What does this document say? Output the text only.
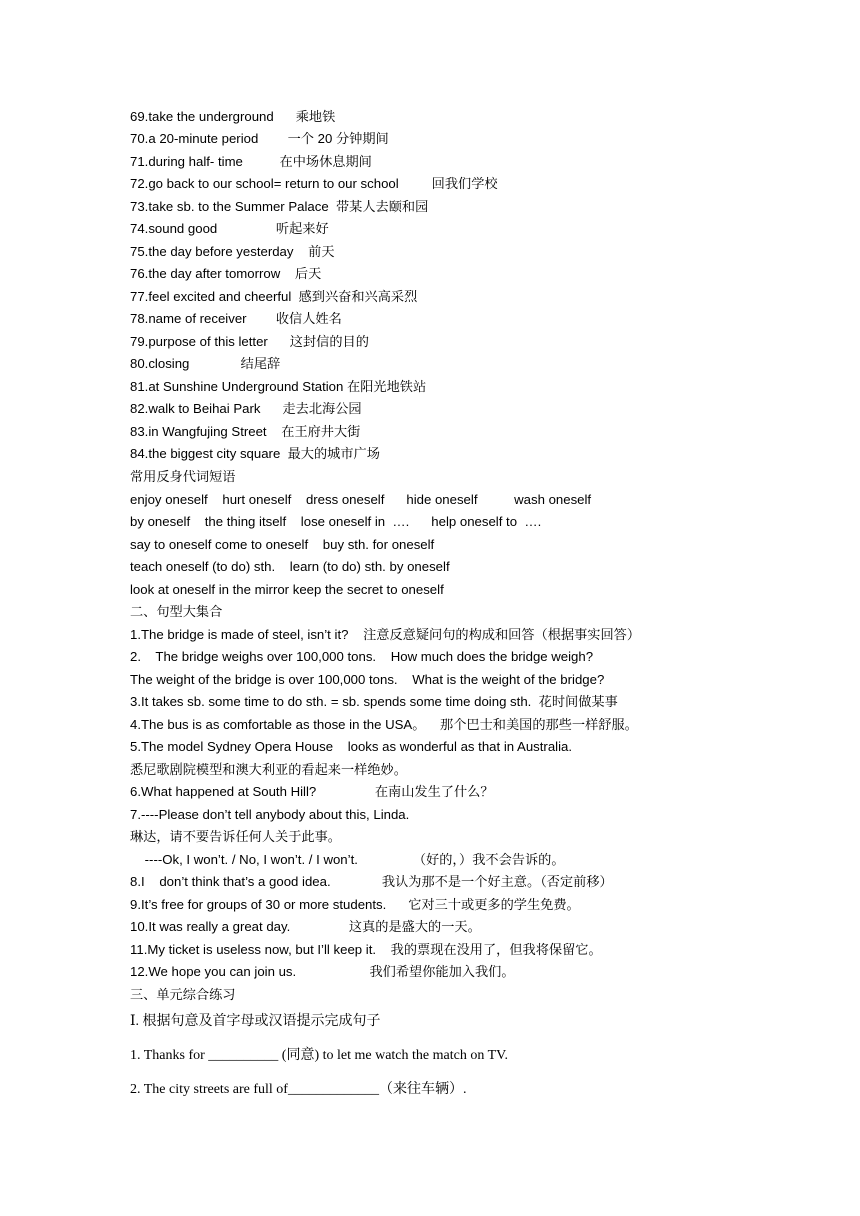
69.take the underground      乘地铁
70.a 20-minute period        一个 20 分钟期间
71.during half- time          在中场休息期间
72.go back to our school= return to our school         回我们学校
73.take sb. to the Summer Palace  带某人去颐和园
74.sound good                听起来好
75.the day before yesterday    前天
76.the day after tomorrow    后天
77.feel excited and cheerful  感到兴奋和兴高采烈
78.name of receiver        收信人姓名
79.purpose of this letter      这封信的目的
80.closing              结尾辞
81.at Sunshine Underground Station 在阳光地铁站
82.walk to Beihai Park      走去北海公园
83.in Wangfujing Street    在王府井大街
84.the biggest city square  最大的城市广场
常用反身代词短语
enjoy oneself    hurt oneself    dress oneself      hide oneself          wash oneself
by oneself    the thing itself    lose oneself in  ….      help oneself to  ….
say to oneself come to oneself    buy sth. for oneself
teach oneself (to do) sth.    learn (to do) sth. by oneself
look at oneself in the mirror keep the secret to oneself
二、句型大集合
1.The bridge is made of steel, isn’t it?    注意反意疑问句的构成和回答（根据事实回答）
2.    The bridge weighs over 100,000 tons.    How much does the bridge weigh?
The weight of the bridge is over 100,000 tons.    What is the weight of the bridge?
3.It takes sb. some time to do sth. = sb. spends some time doing sth.  花时间做某事
4.The bus is as comfortable as those in the USA。    那个巴士和美国的那些一样舒服。
5.The model Sydney Opera House    looks as wonderful as that in Australia.
悉尼歌剧院模型和澳大利亚的看起来一样绝妙。
6.What happened at South Hill?                在南山发生了什么？
7.----Please don’t tell anybody about this, Linda.
琳达，请不要告诉任何人关于此事。
----Ok, I won’t. / No, I won’t. / I won’t.               （好的，）我不会告诉的。
8.I    don’t think that’s a good idea.              我认为那不是一个好主意。（否定前移）
9.It’s free for groups of 30 or more students.      它对三十或更多的学生免费。
10.It was really a great day.                这真的是盛大的一天。
11.My ticket is useless now, but I’ll keep it.    我的票现在没用了，但我将保留它。
12.We hope you can join us.                    我们希望你能加入我们。
三、单元综合练习
Ⅰ. 根据句意及首字母或汉语提示完成句子
1. Thanks for __________ (同意) to let me watch the match on TV.
2. The city streets are full of_____________（来往车辆）.
